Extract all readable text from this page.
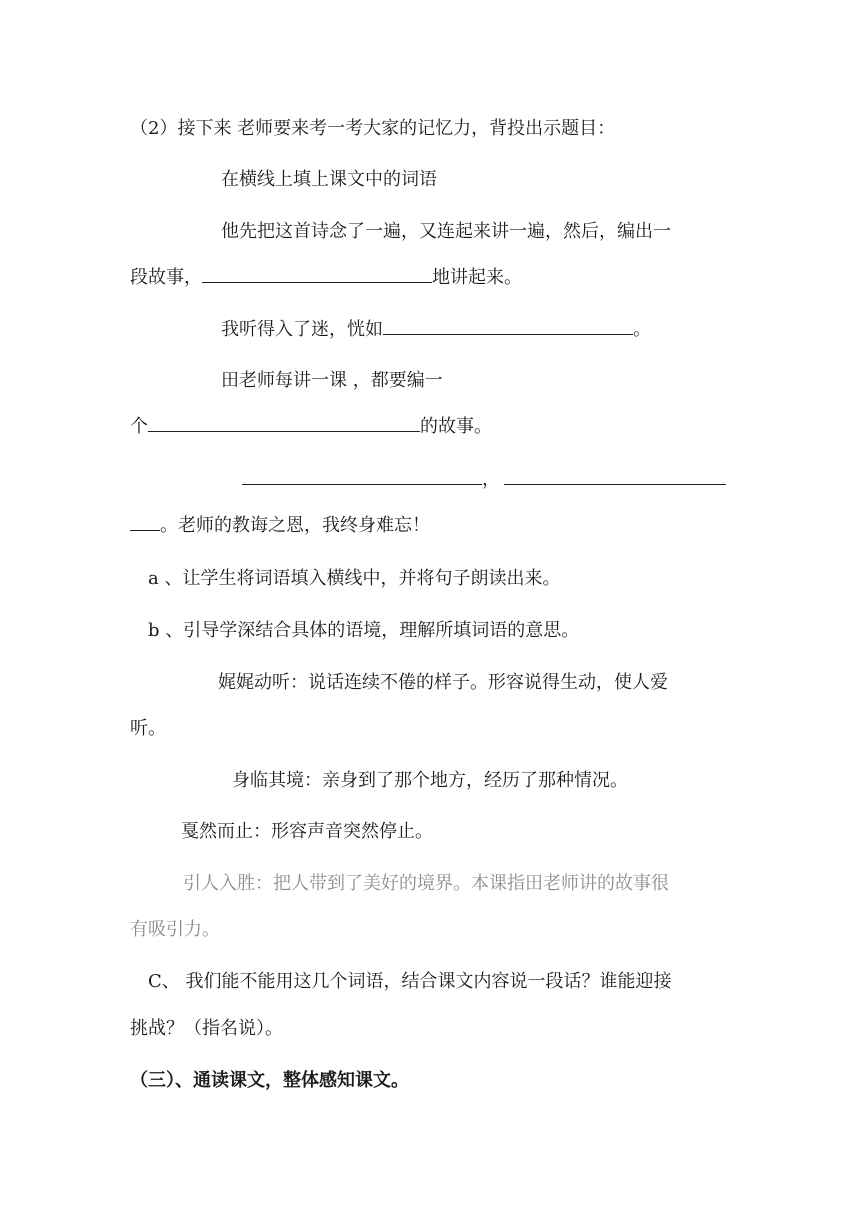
（2）接下来 老师要来考一考大家的记忆力，背投出示题目：
在横线上填上课文中的词语
他先把这首诗念了一遍，又连起来讲一遍，然后，编出一
段故事，	地讲起来。
我听得入了迷，恍如	。
田老师每讲一课 ，都要编一
个	的故事。
，
。老师的教诲之恩，我终身难忘！
a 、让学生将词语填入横线中，并将句子朗读出来。
b 、引导学深结合具体的语境，理解所填词语的意思。
娓娓动听：说话连续不倦的样子。形容说得生动，使人爱
听。
身临其境：亲身到了那个地方，经历了那种情况。
戛然而止：形容声音突然停止。
引人入胜：把人带到了美好的境界。本课指田老师讲的故事很
有吸引力。
C、 我们能不能用这几个词语，结合课文内容说一段话？谁能迎接
挑战？（指名说）。
（三）、通读课文，整体感知课文。
